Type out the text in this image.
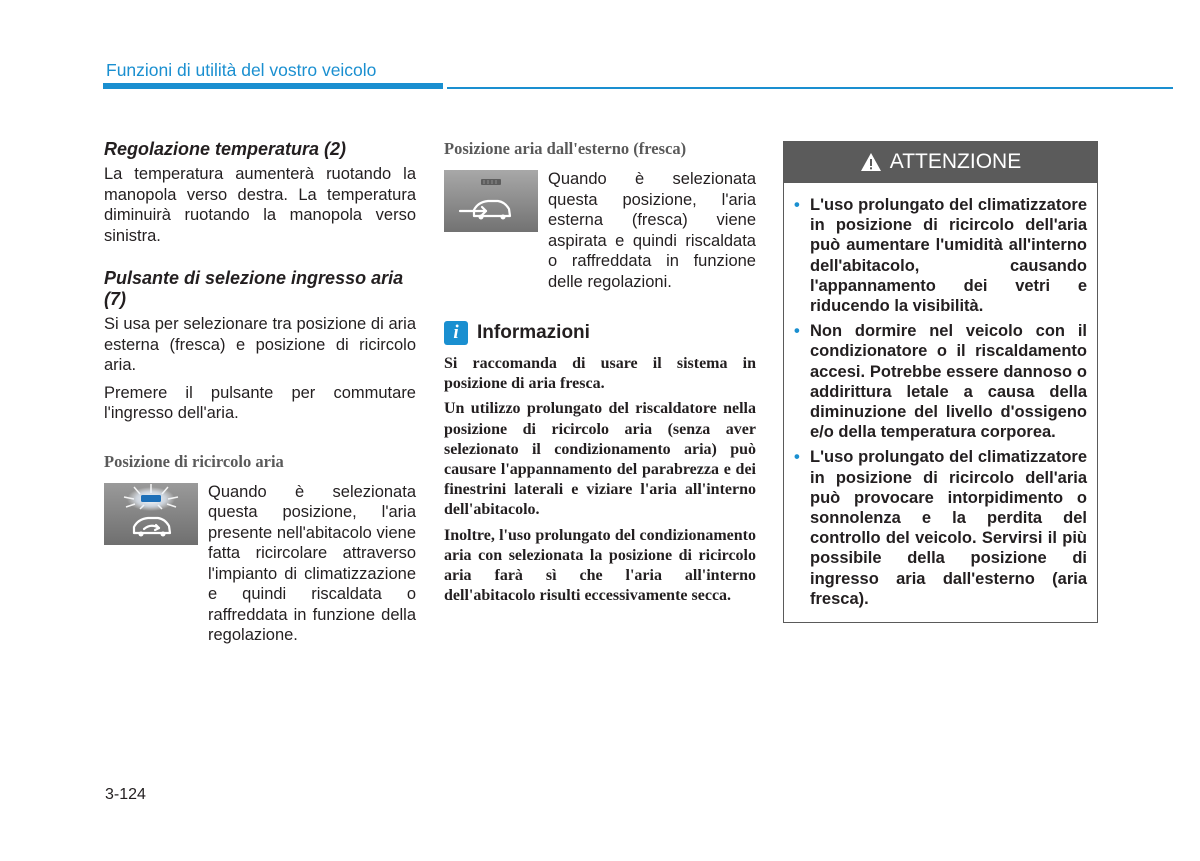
Funzioni di utilità del vostro veicolo
Regolazione temperatura (2)
La temperatura aumenterà ruotando la manopola verso destra. La temperatura diminuirà ruotando la manopola verso sinistra.
Pulsante di selezione ingresso aria (7)
Si usa per selezionare tra posizione di aria esterna (fresca) e posizione di ricircolo aria.
Premere il pulsante per commutare l'ingresso dell'aria.
Posizione di ricircolo aria
Quando è selezionata questa posizione, l'aria presente nell'abitacolo viene fatta ricircolare attraverso l'impianto di climatizzazione e quindi riscaldata o raffreddata in funzione della regolazione.
Posizione aria dall'esterno (fresca)
Quando è selezionata questa posizione, l'aria esterna (fresca) viene aspirata e quindi riscaldata o raffreddata in funzione delle regolazioni.
i Informazioni
Si raccomanda di usare il sistema in posizione di aria fresca.
Un utilizzo prolungato del riscaldatore nella posizione di ricircolo aria (senza aver selezionato il condizionamento aria) può causare l'appannamento del parabrezza e dei finestrini laterali e viziare l'aria all'interno dell'abitacolo.
Inoltre, l'uso prolungato del condizionamento aria con selezionata la posizione di ricircolo aria farà sì che l'aria all'interno dell'abitacolo risulti eccessivamente secca.
ATTENZIONE
• L'uso prolungato del climatizzatore in posizione di ricircolo dell'aria può aumentare l'umidità all'interno dell'abitacolo, causando l'appannamento dei vetri e riducendo la visibilità.
• Non dormire nel veicolo con il condizionatore o il riscaldamento accesi. Potrebbe essere dannoso o addirittura letale a causa della diminuzione del livello d'ossigeno e/o della temperatura corporea.
• L'uso prolungato del climatizzatore in posizione di ricircolo dell'aria può provocare intorpidimento o sonnolenza e la perdita del controllo del veicolo. Servirsi il più possibile della posizione di ingresso aria dall'esterno (aria fresca).
3-124
